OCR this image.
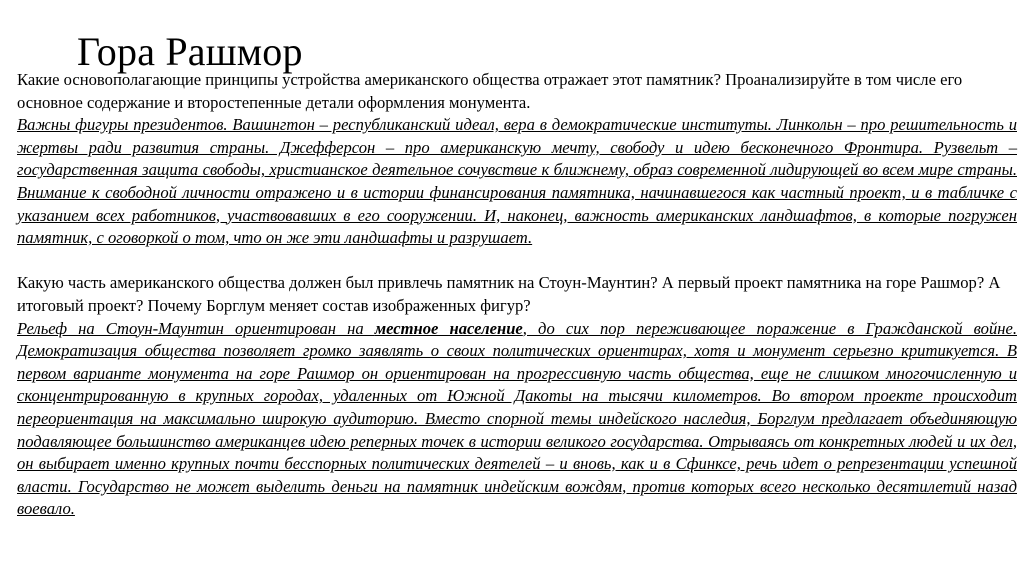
Гора Рашмор

Какие основополагающие принципы устройства американского общества отражает этот памятник? Проанализируйте в том числе его основное содержание и второстепенные детали оформления монумента.

Важны фигуры президентов. Вашингтон – республиканский идеал, вера в демократические институты. Линкольн – про решительность и жертвы ради развития страны. Джефферсон – про американскую мечту, свободу и идею бесконечного Фронтира. Рузвельт – государственная защита свободы, христианское деятельное сочувствие к ближнему, образ современной лидирующей во всем мире страны. Внимание к свободной личности отражено и в истории финансирования памятника, начинавшегося как частный проект, и в табличке с указанием всех работников, участвовавших в его сооружении. И, наконец, важность американских ландшафтов, в которые погружен памятник, с оговоркой о том, что он же эти ландшафты и разрушает.

Какую часть американского общества должен был привлечь памятник на Стоун-Маунтин? А первый проект памятника на горе Рашмор? А итоговый проект? Почему Борглум меняет состав изображенных фигур?

Рельеф на Стоун-Маунтин ориентирован на местное население, до сих пор переживающее поражение в Гражданской войне. Демократизация общества позволяет громко заявлять о своих политических ориентирах, хотя и монумент серьезно критикуется. В первом варианте монумента на горе Рашмор он ориентирован на прогрессивную часть общества, еще не слишком многочисленную и сконцентрированную в крупных городах, удаленных от Южной Дакоты на тысячи километров. Во втором проекте происходит переориентация на максимально широкую аудиторию. Вместо спорной темы индейского наследия, Борглум предлагает объединяющую подавляющее большинство американцев идею реперных точек в истории великого государства. Отрываясь от конкретных людей и их дел, он выбирает именно крупных почти бесспорных политических деятелей – и вновь, как и в Сфинксе, речь идет о репрезентации успешной власти. Государство не может выделить деньги на памятник индейским вождям, против которых всего несколько десятилетий назад воевало.
